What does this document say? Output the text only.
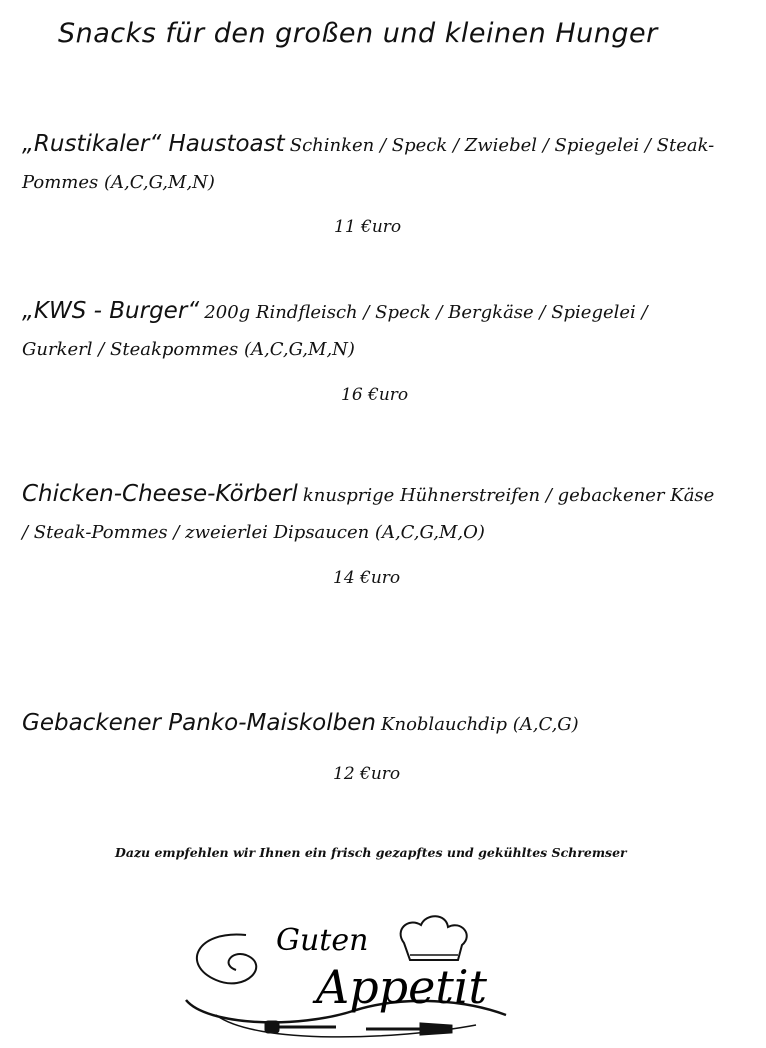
Snacks für den großen und kleinen Hunger
„Rustikaler“ Haustoast Schinken / Speck / Zwiebel / Spiegelei / Steak- Pommes (A,C,G,M,N)
11 €uro
„KWS - Burger“ 200g Rindfleisch / Speck / Bergkäse / Spiegelei / Gurkerl / Steakpommes (A,C,G,M,N)
16 €uro
Chicken-Cheese-Körberl knusprige Hühnerstreifen / gebackener Käse / Steak-Pommes / zweierlei Dipsaucen (A,C,G,M,O)
14 €uro
Gebackener Panko-Maiskolben Knoblauchdip (A,C,G)
12 €uro
Dazu empfehlen wir Ihnen ein frisch gezapftes und gekühltes Schremser
Guten
Appetit
